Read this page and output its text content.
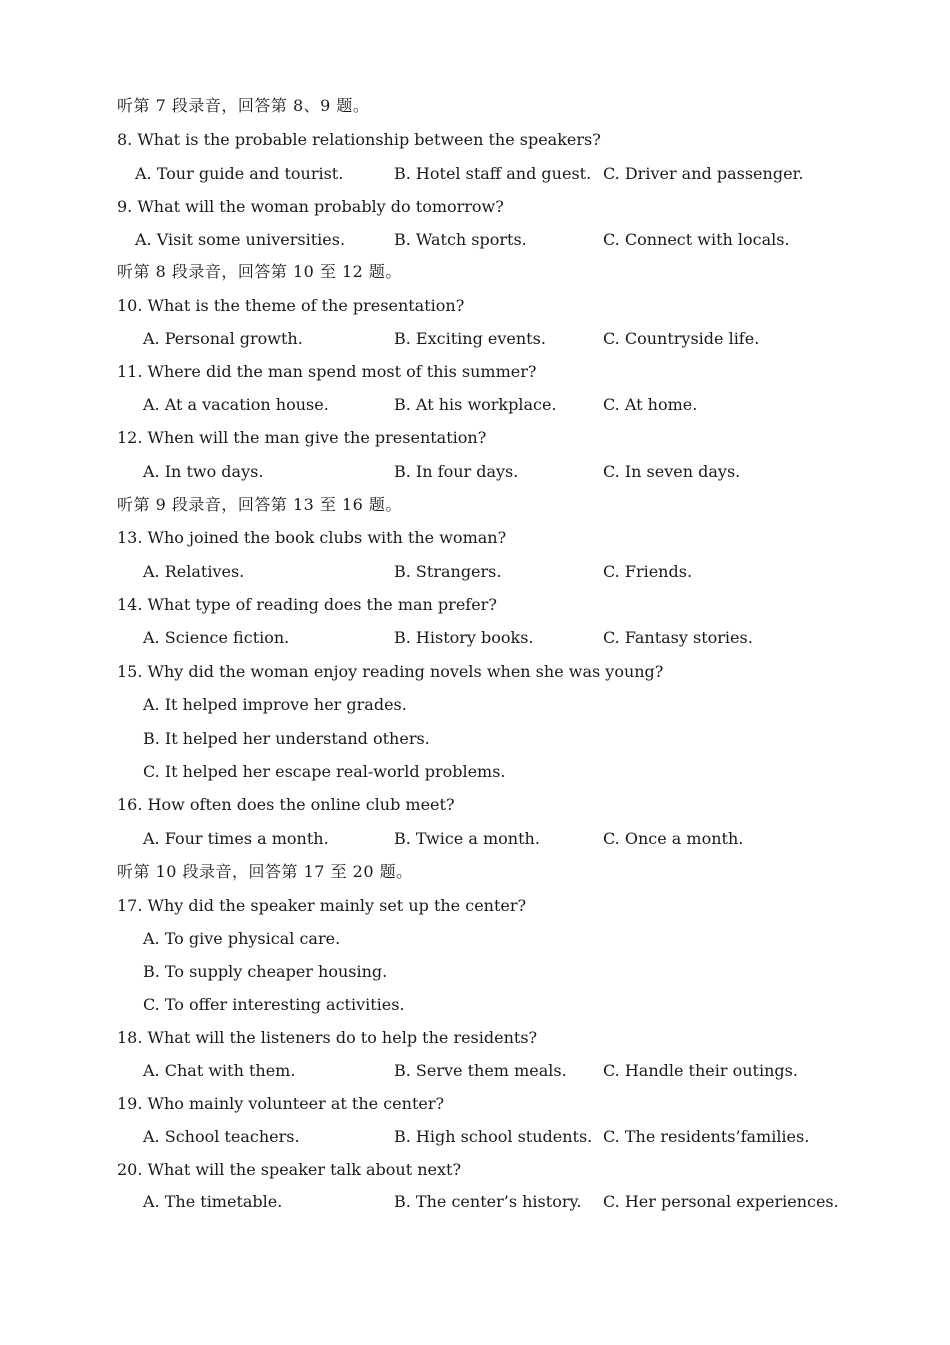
听第 7 段录音，回答第 8、9 题。
8. What is the probable relationship between the speakers?
A. Tour guide and tourist.	B. Hotel staff and guest. C. Driver and passenger.
9. What will the woman probably do tomorrow?
A. Visit some universities.	B. Watch sports.	C. Connect with locals.
听第 8 段录音，回答第 10 至 12 题。
10. What is the theme of the presentation?
A. Personal growth.	B. Exciting events.	C. Countryside life.
11. Where did the man spend most of this summer?
A. At a vacation house.	B. At his workplace.	C. At home.
12. When will the man give the presentation?
A. In two days.	B. In four days.	C. In seven days.
听第 9 段录音，回答第 13 至 16 题。
13. Who joined the book clubs with the woman?
A. Relatives.	B. Strangers.	C. Friends.
14. What type of reading does the man prefer?
A. Science fiction.	B. History books.	C. Fantasy stories.
15. Why did the woman enjoy reading novels when she was young?
A. It helped improve her grades.
B. It helped her understand others.
C. It helped her escape real-world problems.
16. How often does the online club meet?
A. Four times a month.	B. Twice a month.	C. Once a month.
听第 10 段录音，回答第 17 至 20 题。
17. Why did the speaker mainly set up the center?
A. To give physical care.
B. To supply cheaper housing.
C. To offer interesting activities.
18. What will the listeners do to help the residents?
A. Chat with them.	B. Serve them meals. C. Handle their outings.
19. Who mainly volunteer at the center?
A. School teachers.	B. High school students. C. The residents’families.
20. What will the speaker talk about next?
A. The timetable.	B. The center’s history. C. Her personal experiences.
